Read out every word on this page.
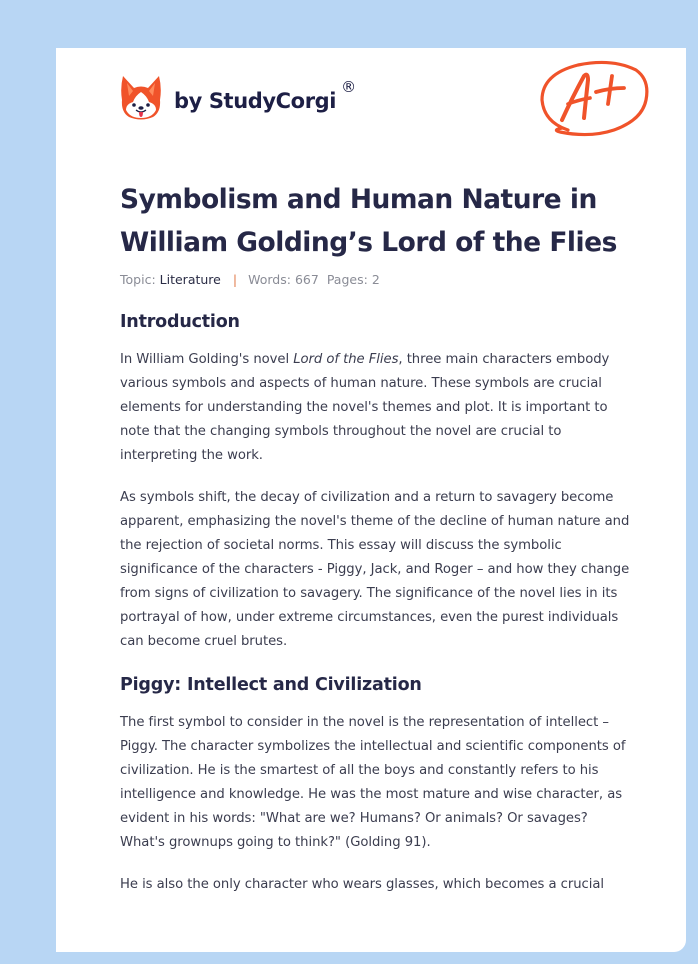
by StudyCorgi
®
Symbolism and Human Nature in William Golding’s Lord of the Flies
Topic: Literature | Words: 667 Pages: 2
Introduction

In William Golding's novel Lord of the Flies, three main characters embody various symbols and aspects of human nature. These symbols are crucial elements for understanding the novel's themes and plot. It is important to note that the changing symbols throughout the novel are crucial to interpreting the work.

As symbols shift, the decay of civilization and a return to savagery become apparent, emphasizing the novel's theme of the decline of human nature and the rejection of societal norms. This essay will discuss the symbolic significance of the characters - Piggy, Jack, and Roger – and how they change from signs of civilization to savagery. The significance of the novel lies in its portrayal of how, under extreme circumstances, even the purest individuals can become cruel brutes.

Piggy: Intellect and Civilization

The first symbol to consider in the novel is the representation of intellect – Piggy. The character symbolizes the intellectual and scientific components of civilization. He is the smartest of all the boys and constantly refers to his intelligence and knowledge. He was the most mature and wise character, as evident in his words: "What are we? Humans? Or animals? Or savages? What's grownups going to think?" (Golding 91).

He is also the only character who wears glasses, which becomes a crucial
